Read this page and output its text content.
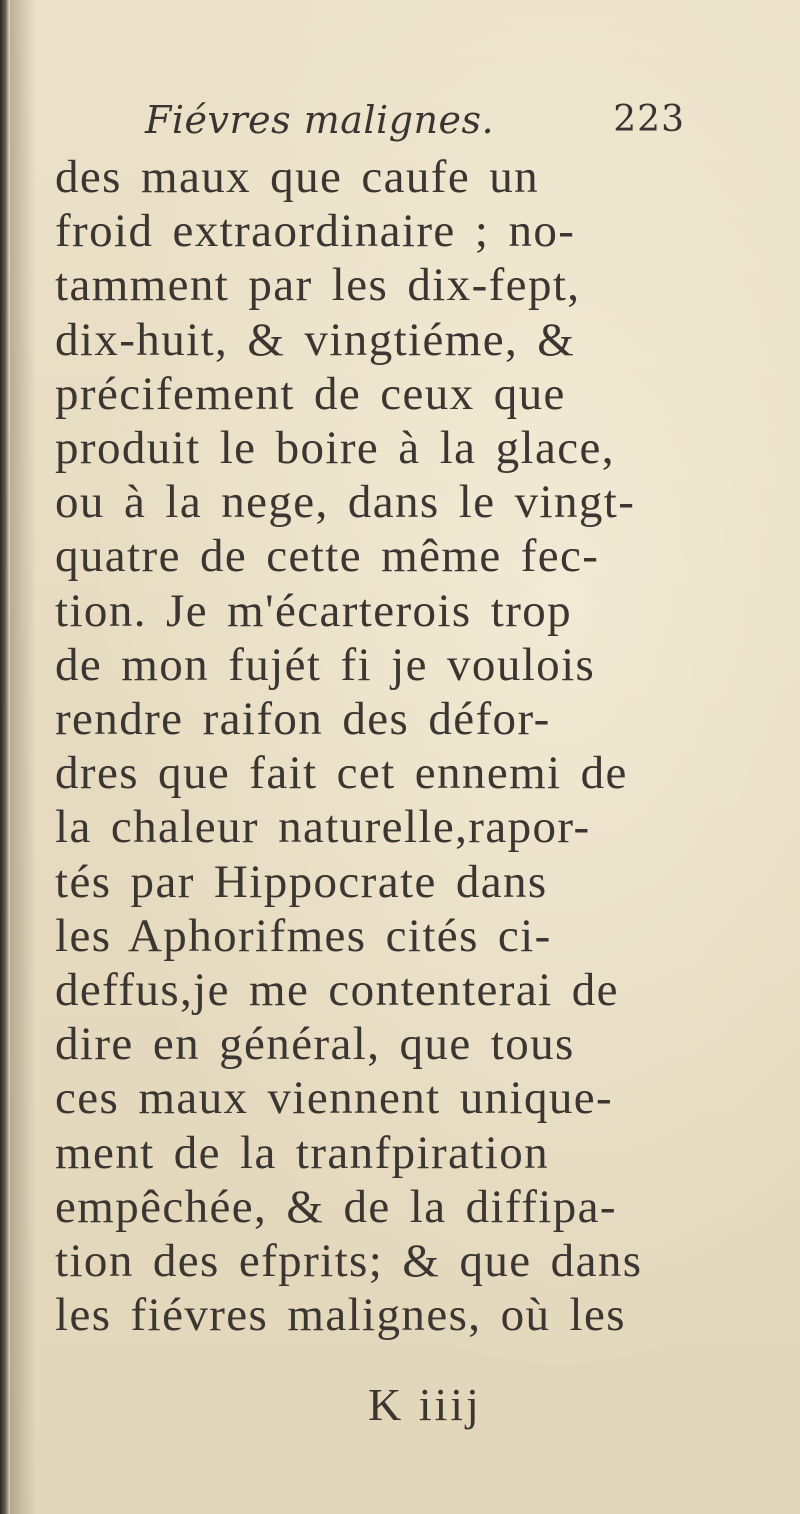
Fiévres malignes.	223
des maux que caufe un
froid extraordinaire ; no-
tamment par les dix-fept,
dix-huit, & vingtiéme, &
précifement de ceux que
produit le boire à la glace,
ou à la nege, dans le vingt-
quatre de cette même fec-
tion. Je m'écarterois trop
de mon fujét fi je voulois
rendre raifon des défor-
dres que fait cet ennemi de
la chaleur naturelle,rapor-
tés par Hippocrate dans
les Aphorifmes cités ci-
deffus,je me contenterai de
dire en général, que tous
ces maux viennent unique-
ment de la tranfpiration
empêchée, & de la diffipa-
tion des efprits; & que dans
les fiévres malignes, où les
K iiij
